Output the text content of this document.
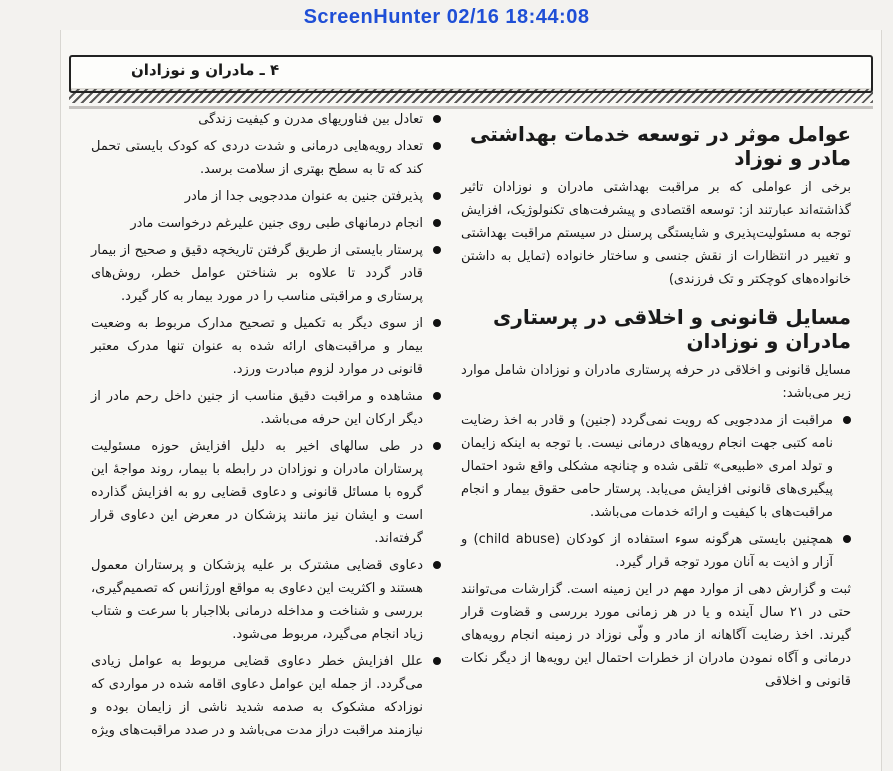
ScreenHunter 02/16 18:44:08
۴ ـ مادران و نوزادان
عوامل موثر در توسعه خدمات بهداشتی مادر و نوزاد

برخی از عواملی که بر مراقبت بهداشتی مادران و نوزادان تاثیر گذاشته‌اند عبارتند از: توسعه اقتصادی و پیشرفت‌های تکنولوژیک، افزایش توجه به مسئولیت‌پذیری و شایستگی پرسنل در سیستم مراقبت بهداشتی و تغییر در انتظارات از نقش جنسی و ساختار خانواده (تمایل به داشتن خانواده‌های کوچکتر و تک فرزندی)

مسایل قانونی و اخلاقی در پرستاری مادران و نوزادان

مسایل قانونی و اخلاقی در حرفه پرستاری مادران و نوزادان شامل موارد زیر می‌باشد:

مراقبت از مددجویی که رویت نمی‌گردد (جنین) و قادر به اخذ رضایت نامه کتبی جهت انجام رویه‌های درمانی نیست. با توجه به اینکه زایمان و تولد امری «طبیعی» تلقی شده و چنانچه مشکلی واقع شود احتمال پیگیری‌های قانونی افزایش می‌یابد. پرستار حامی حقوق بیمار و انجام مراقبت‌های با کیفیت و ارائه خدمات می‌باشد.
همچنین بایستی هرگونه سوء استفاده از کودکان (child abuse) و آزار و اذیت به آنان مورد توجه قرار گیرد.

ثبت و گزارش دهی از موارد مهم در این زمینه است. گزارشات می‌توانند حتی در ۲۱ سال آینده و یا در هر زمانی مورد بررسی و قضاوت قرار گیرند. اخذ رضایت آگاهانه از مادر و ولّی نوزاد در زمینه انجام رویه‌های درمانی و آگاه نمودن مادران از خطرات احتمال این رویه‌ها از دیگر نکات قانونی و اخلاقی

تعادل بین فناوریهای مدرن و کیفیت زندگی
تعداد رویه‌هایی درمانی و شدت دردی که کودک بایستی تحمل کند که تا به سطح بهتری از سلامت برسد.
پذیرفتن جنین به عنوان مددجویی جدا از مادر
انجام درمانهای طبی روی جنین علیرغم درخواست مادر
پرستار بایستی از طریق گرفتن تاریخچه دقیق و صحیح از بیمار قادر گردد تا علاوه بر شناختن عوامل خطر، روش‌های پرستاری و مراقبتی مناسب را در مورد بیمار به کار گیرد.
از سوی دیگر به تکمیل و تصحیح مدارک مربوط به وضعیت بیمار و مراقبت‌های ارائه شده به عنوان تنها مدرک معتبر قانونی در موارد لزوم مبادرت ورزد.
مشاهده و مراقبت دقیق مناسب از جنین داخل رحم مادر از دیگر ارکان این حرفه می‌باشد.
در طی سالهای اخیر به دلیل افزایش حوزه مسئولیت پرستاران مادران و نوزادان در رابطه با بیمار، روند مواجهٔ این گروه با مسائل قانونی و دعاوی قضایی رو به افزایش گذارده است و ایشان نیز مانند پزشکان در معرض این دعاوی قرار گرفته‌اند.
دعاوی قضایی مشترک بر علیه پزشکان و پرستاران معمول هستند و اکثریت این دعاوی به مواقع اورژانس که تصمیم‌گیری، بررسی و شناخت و مداخله درمانی بلااجبار با سرعت و شتاب زیاد انجام می‌گیرد، مربوط می‌شود.
علل افزایش خطر دعاوی قضایی مربوط به عوامل زیادی می‌گردد. از جمله این عوامل دعاوی اقامه شده در مواردی که نوزادکه مشکوک به صدمه شدید ناشی از زایمان بوده و نیازمند مراقبت دراز مدت می‌باشد و در صدد مراقبت‌های ویژه
